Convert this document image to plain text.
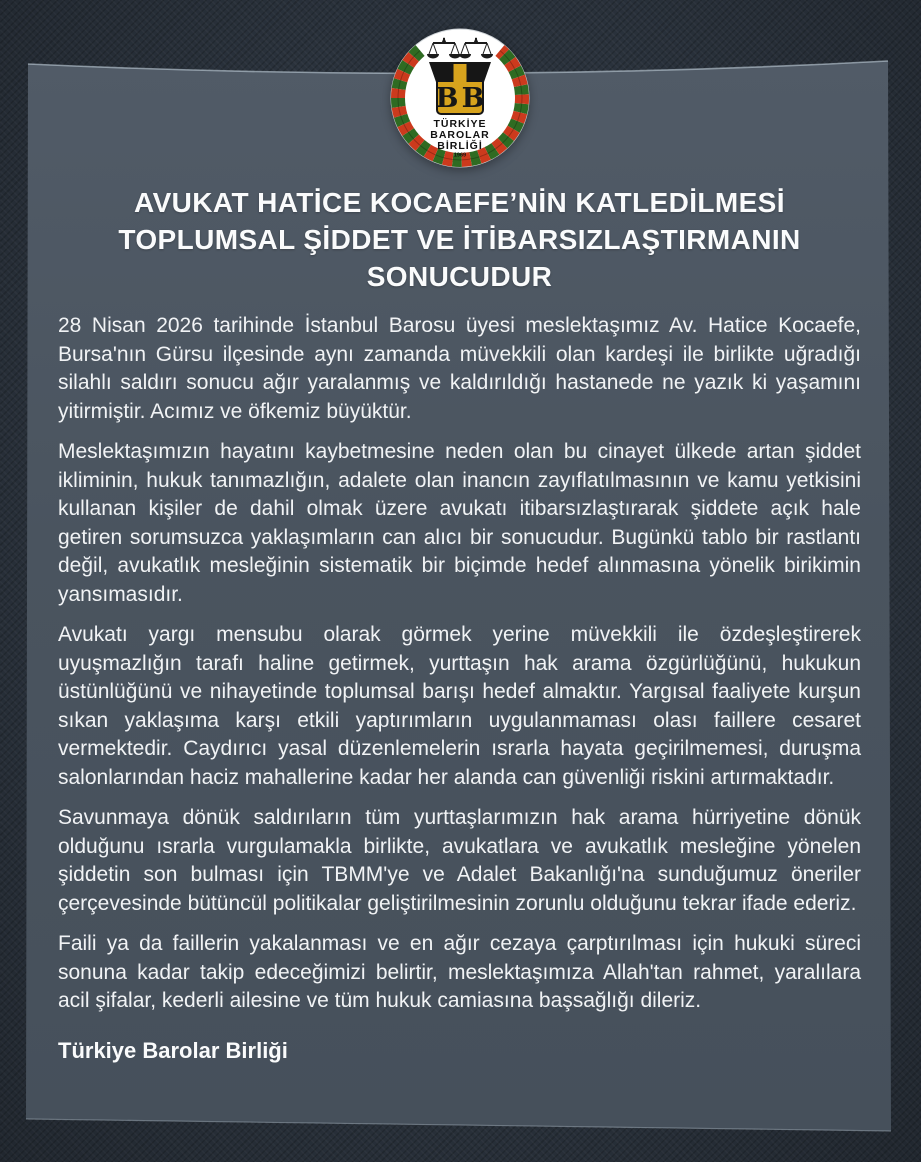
B B
TÜRKİYE
BAROLAR
BİRLİĞİ
1969
AVUKAT HATİCE KOCAEFE’NİN KATLEDİLMESİ
TOPLUMSAL ŞİDDET VE İTİBARSIZLAŞTIRMANIN
SONUCUDUR

28 Nisan 2026 tarihinde İstanbul Barosu üyesi meslektaşımız Av. Hatice Kocaefe, Bursa'nın Gürsu ilçesinde aynı zamanda müvekkili olan kardeşi ile birlikte uğradığı silahlı saldırı sonucu ağır yaralanmış ve kaldırıldığı hastanede ne yazık ki yaşamını yitirmiştir. Acımız ve öfkemiz büyüktür.

Meslektaşımızın hayatını kaybetmesine neden olan bu cinayet ülkede artan şiddet ikliminin, hukuk tanımazlığın, adalete olan inancın zayıflatılmasının ve kamu yetkisini kullanan kişiler de dahil olmak üzere avukatı itibarsızlaştırarak şiddete açık hale getiren sorumsuzca yaklaşımların can alıcı bir sonucudur. Bugünkü tablo bir rastlantı değil, avukatlık mesleğinin sistematik bir biçimde hedef alınmasına yönelik birikimin yansımasıdır.

Avukatı yargı mensubu olarak görmek yerine müvekkili ile özdeşleştirerek uyuşmazlığın tarafı haline getirmek, yurttaşın hak arama özgürlüğünü, hukukun üstünlüğünü ve nihayetinde toplumsal barışı hedef almaktır. Yargısal faaliyete kurşun sıkan yaklaşıma karşı etkili yaptırımların uygulanmaması olası faillere cesaret vermektedir. Caydırıcı yasal düzenlemelerin ısrarla hayata geçirilmemesi, duruşma salonlarından haciz mahallerine kadar her alanda can güvenliği riskini artırmaktadır.

Savunmaya dönük saldırıların tüm yurttaşlarımızın hak arama hürriyetine dönük olduğunu ısrarla vurgulamakla birlikte, avukatlara ve avukatlık mesleğine yönelen şiddetin son bulması için TBMM'ye ve Adalet Bakanlığı'na sunduğumuz öneriler çerçevesinde bütüncül politikalar geliştirilmesinin zorunlu olduğunu tekrar ifade ederiz.

Faili ya da faillerin yakalanması ve en ağır cezaya çarptırılması için hukuki süreci sonuna kadar takip edeceğimizi belirtir, meslektaşımıza Allah'tan rahmet, yaralılara acil şifalar, kederli ailesine ve tüm hukuk camiasına başsağlığı dileriz.

Türkiye Barolar Birliği
